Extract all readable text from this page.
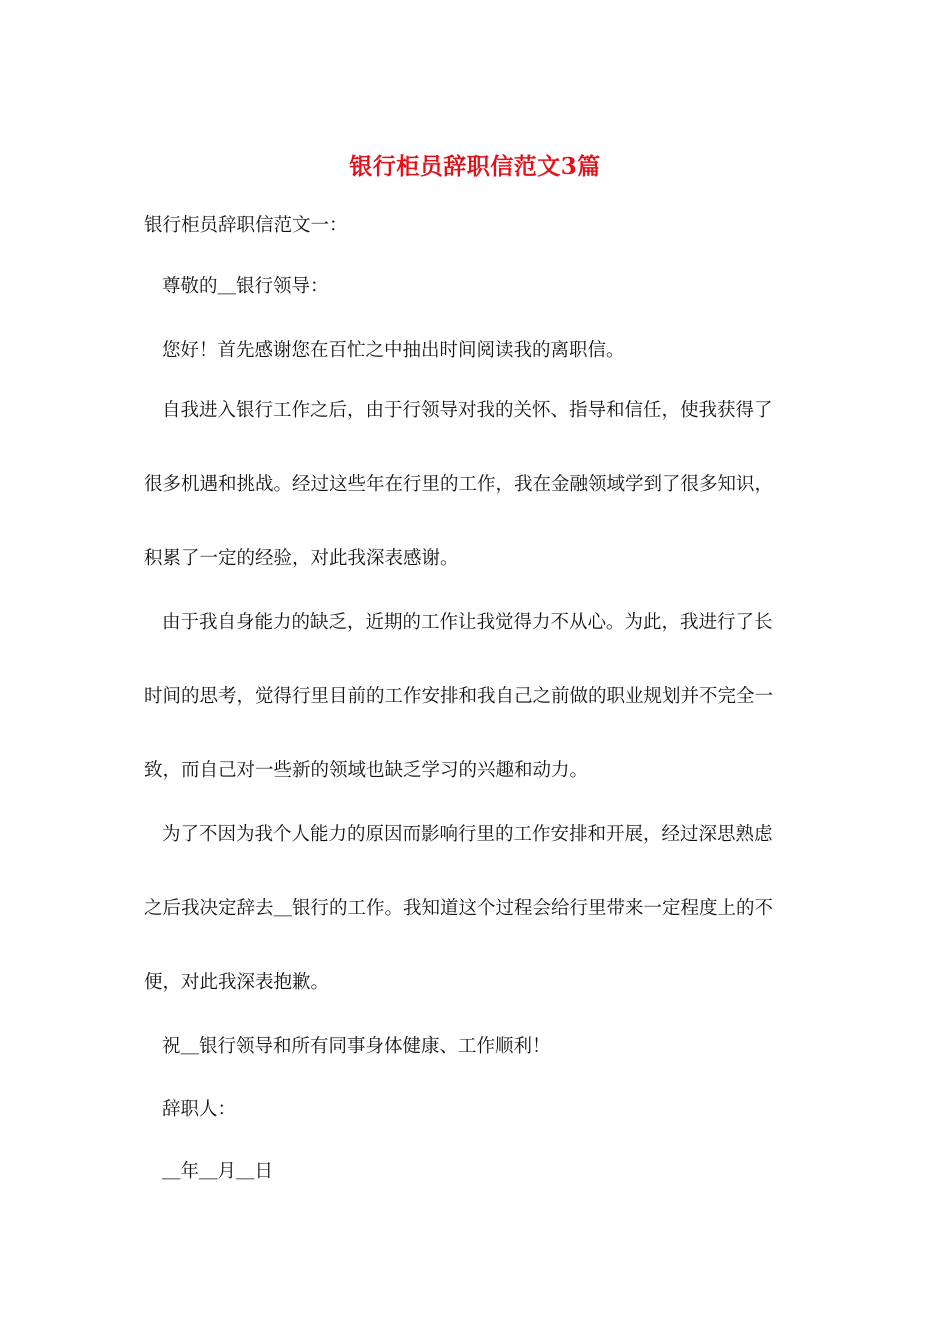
银行柜员辞职信范文3篇
银行柜员辞职信范文一：
尊敬的＿银行领导：
您好！首先感谢您在百忙之中抽出时间阅读我的离职信。
自我进入银行工作之后，由于行领导对我的关怀、指导和信任，使我获得了
很多机遇和挑战。经过这些年在行里的工作，我在金融领域学到了很多知识，
积累了一定的经验，对此我深表感谢。
由于我自身能力的缺乏，近期的工作让我觉得力不从心。为此，我进行了长
时间的思考，觉得行里目前的工作安排和我自己之前做的职业规划并不完全一
致，而自己对一些新的领域也缺乏学习的兴趣和动力。
为了不因为我个人能力的原因而影响行里的工作安排和开展，经过深思熟虑
之后我决定辞去＿银行的工作。我知道这个过程会给行里带来一定程度上的不
便，对此我深表抱歉。
祝＿银行领导和所有同事身体健康、工作顺利！
辞职人：
＿年＿月＿日
